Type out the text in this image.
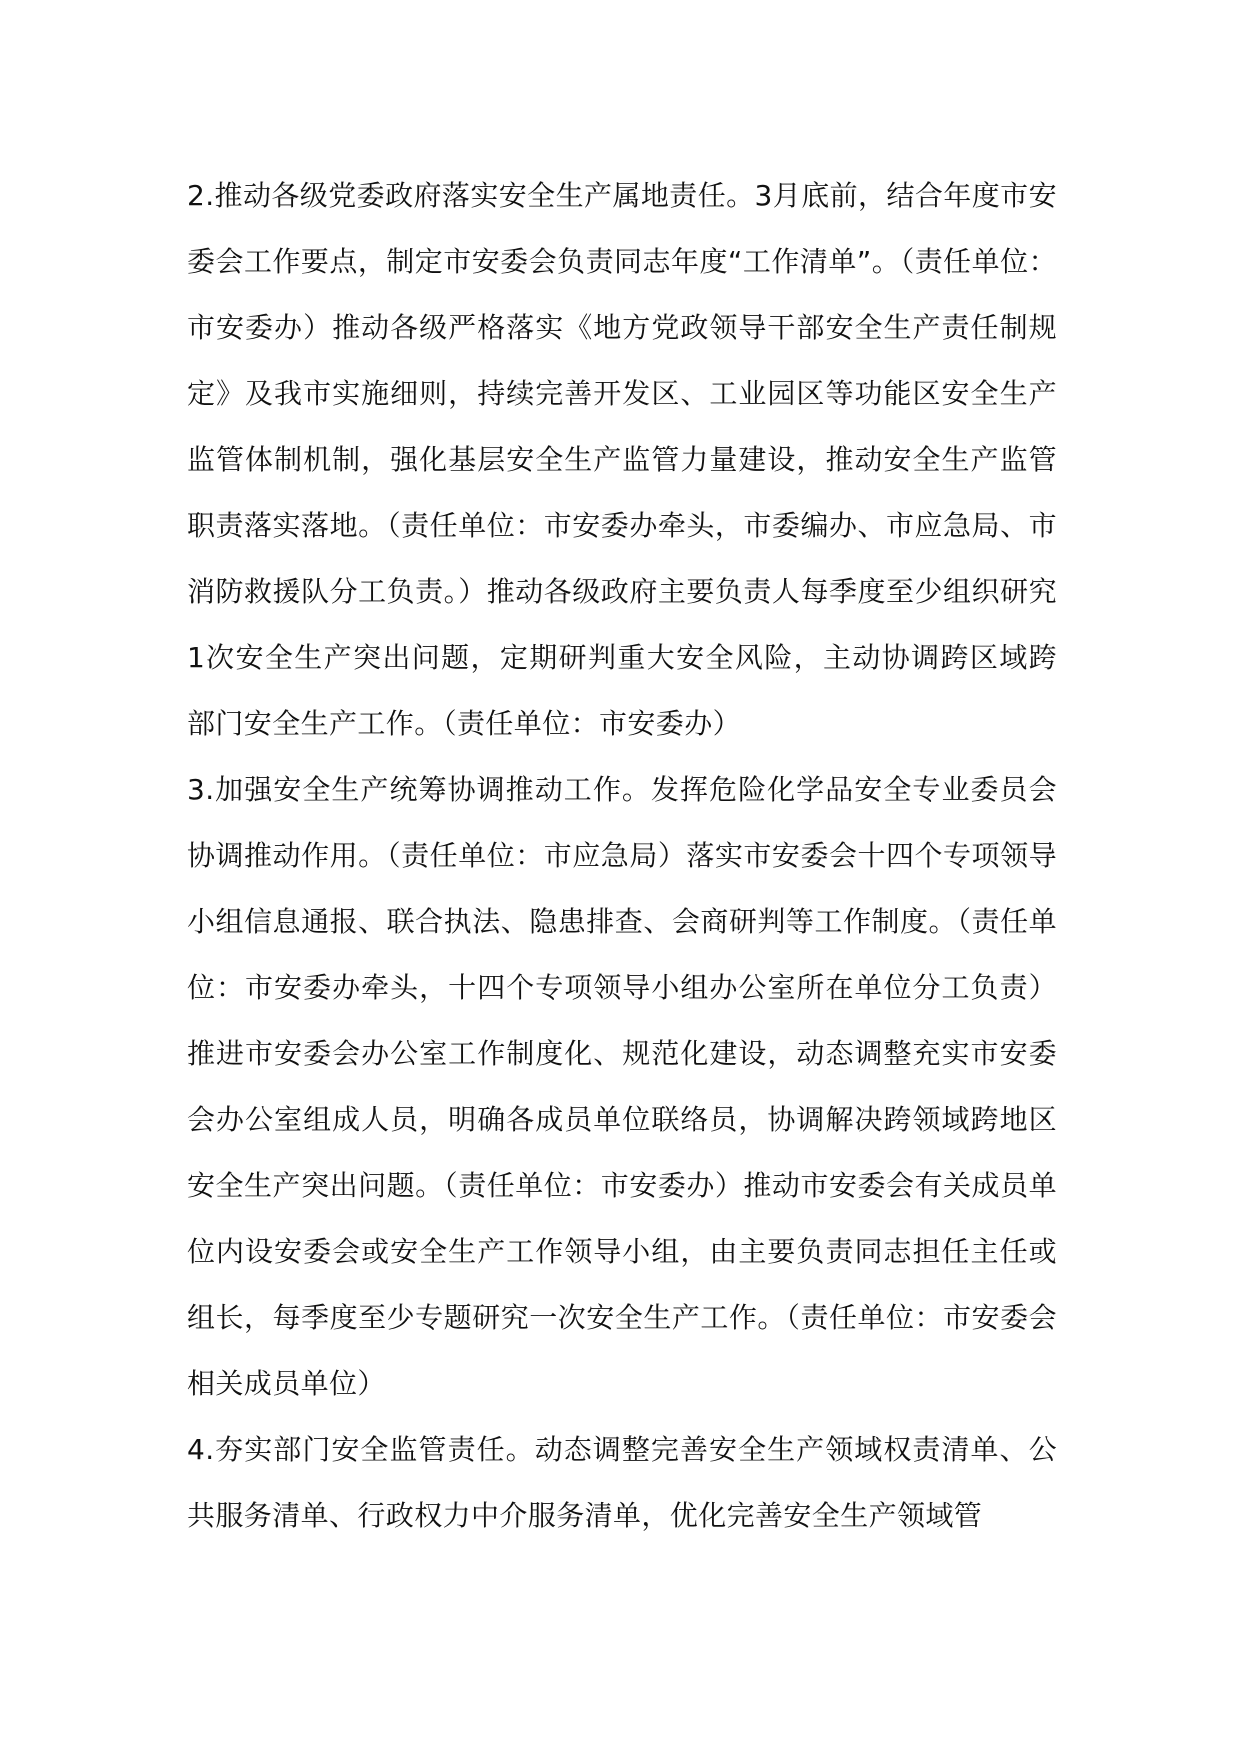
2.推动各级党委政府落实安全生产属地责任。3月底前，结合年度市安委会工作要点，制定市安委会负责同志年度“工作清单”。（责任单位：市安委办）推动各级严格落实《地方党政领导干部安全生产责任制规定》及我市实施细则，持续完善开发区、工业园区等功能区安全生产监管体制机制，强化基层安全生产监管力量建设，推动安全生产监管职责落实落地。（责任单位：市安委办牵头，市委编办、市应急局、市消防救援队分工负责。）推动各级政府主要负责人每季度至少组织研究1次安全生产突出问题，定期研判重大安全风险，主动协调跨区域跨部门安全生产工作。（责任单位：市安委办）

3.加强安全生产统筹协调推动工作。发挥危险化学品安全专业委员会协调推动作用。（责任单位：市应急局）落实市安委会十四个专项领导小组信息通报、联合执法、隐患排查、会商研判等工作制度。（责任单位：市安委办牵头，十四个专项领导小组办公室所在单位分工负责）推进市安委会办公室工作制度化、规范化建设，动态调整充实市安委会办公室组成人员，明确各成员单位联络员，协调解决跨领域跨地区安全生产突出问题。（责任单位：市安委办）推动市安委会有关成员单位内设安委会或安全生产工作领导小组，由主要负责同志担任主任或组长，每季度至少专题研究一次安全生产工作。（责任单位：市安委会相关成员单位）

4.夯实部门安全监管责任。动态调整完善安全生产领域权责清单、公共服务清单、行政权力中介服务清单，优化完善安全生产领域管
